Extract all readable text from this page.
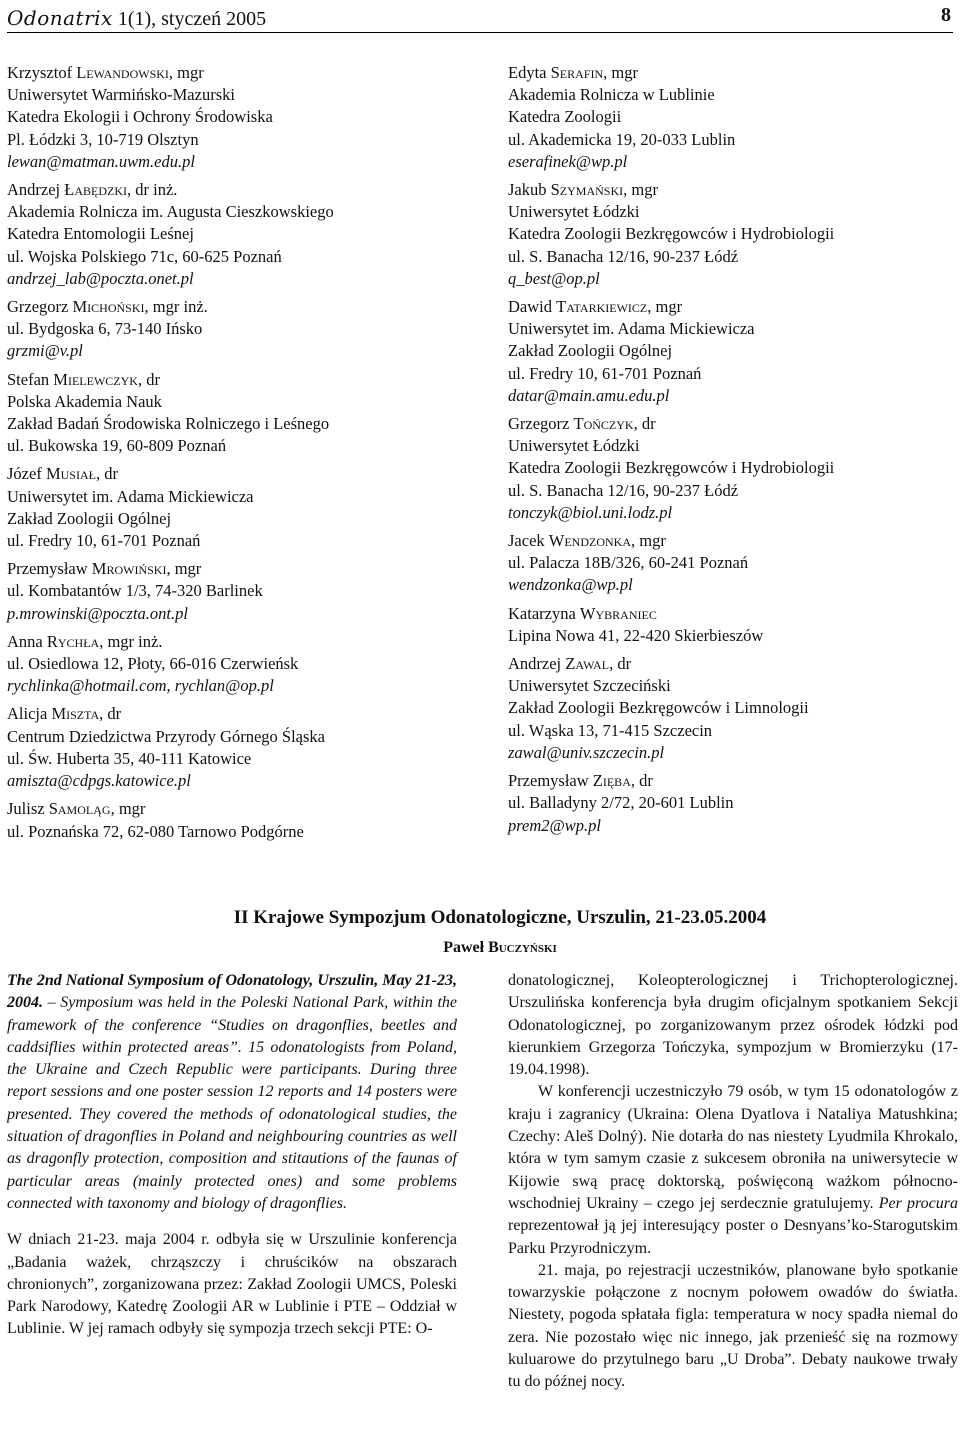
Odonatrix 1(1), styczeń 2005	8
Krzysztof Lewandowski, mgr
Uniwersytet Warmińsko-Mazurski
Katedra Ekologii i Ochrony Środowiska
Pl. Łódzki 3, 10-719 Olsztyn
lewan@matman.uwm.edu.pl
Andrzej Łabędzki, dr inż.
Akademia Rolnicza im. Augusta Cieszkowskiego
Katedra Entomologii Leśnej
ul. Wojska Polskiego 71c, 60-625 Poznań
andrzej_lab@poczta.onet.pl
Grzegorz Michoński, mgr inż.
ul. Bydgoska 6, 73-140 Ińsko
grzmi@v.pl
Stefan Mielewczyk, dr
Polska Akademia Nauk
Zakład Badań Środowiska Rolniczego i Leśnego
ul. Bukowska 19, 60-809 Poznań
Józef Musiał, dr
Uniwersytet im. Adama Mickiewicza
Zakład Zoologii Ogólnej
ul. Fredry 10, 61-701 Poznań
Przemysław Mrowiński, mgr
ul. Kombatantów 1/3, 74-320 Barlinek
p.mrowinski@poczta.ont.pl
Anna Rychła, mgr inż.
ul. Osiedlowa 12, Płoty, 66-016 Czerwieńsk
rychlinka@hotmail.com, rychlan@op.pl
Alicja Miszta, dr
Centrum Dziedzictwa Przyrody Górnego Śląska
ul. Św. Huberta 35, 40-111 Katowice
amiszta@cdpgs.katowice.pl
Julisz Samoląg, mgr
ul. Poznańska 72, 62-080 Tarnowo Podgórne
Edyta Serafin, mgr
Akademia Rolnicza w Lublinie
Katedra Zoologii
ul. Akademicka 19, 20-033 Lublin
eserafinek@wp.pl
Jakub Szymański, mgr
Uniwersytet Łódzki
Katedra Zoologii Bezkręgowców i Hydrobiologii
ul. S. Banacha 12/16, 90-237 Łódź
q_best@op.pl
Dawid Tatarkiewicz, mgr
Uniwersytet im. Adama Mickiewicza
Zakład Zoologii Ogólnej
ul. Fredry 10, 61-701 Poznań
datar@main.amu.edu.pl
Grzegorz Tończyk, dr
Uniwersytet Łódzki
Katedra Zoologii Bezkręgowców i Hydrobiologii
ul. S. Banacha 12/16, 90-237 Łódź
tonczyk@biol.uni.lodz.pl
Jacek Wendzonka, mgr
ul. Palacza 18B/326, 60-241 Poznań
wendzonka@wp.pl
Katarzyna Wybraniec
Lipina Nowa 41, 22-420 Skierbieszów
Andrzej Zawal, dr
Uniwersytet Szczeciński
Zakład Zoologii Bezkręgowców i Limnologii
ul. Wąska 13, 71-415 Szczecin
zawal@univ.szczecin.pl
Przemysław Zięba, dr
ul. Balladyny 2/72, 20-601 Lublin
prem2@wp.pl
II Krajowe Sympozjum Odonatologiczne, Urszulin, 21-23.05.2004
Paweł Buczyński

The 2nd National Symposium of Odonatology, Urszulin, May 21-23, 2004. – Symposium was held in the Poleski National Park, within the framework of the conference “Studies on dragonflies, beetles and caddsiflies within protected areas”. 15 odonatologists from Poland, the Ukraine and Czech Republic were participants. During three report sessions and one poster session 12 reports and 14 posters were presented. They covered the methods of odonatological studies, the situation of dragonflies in Poland and neighbouring countries as well as dragonfly protection, composition and stitautions of the faunas of particular areas (mainly protected ones) and some problems connected with taxonomy and biology of dragonflies.

W dniach 21-23. maja 2004 r. odbyła się w Urszulinie konferencja „Badania ważek, chrząszczy i chruścików na obszarach chronionych”, zorganizowana przez: Zakład Zoologii UMCS, Poleski Park Narodowy, Katedrę Zoologii AR w Lublinie i PTE – Oddział w Lublinie. W jej ramach odbyły się sympozja trzech sekcji PTE: O-

donatologicznej, Koleopterologicznej i Trichopterologicznej. Urszulińska konferencja była drugim oficjalnym spotkaniem Sekcji Odonatologicznej, po zorganizowanym przez ośrodek łódzki pod kierunkiem Grzegorza Tończyka, sympozjum w Bromierzyku (17-19.04.1998).

W konferencji uczestniczyło 79 osób, w tym 15 odonatologów z kraju i zagranicy (Ukraina: Olena Dyatlova i Nataliya Matushkina; Czechy: Aleš Dolný). Nie dotarła do nas niestety Lyudmila Khrokalo, która w tym samym czasie z sukcesem obroniła na uniwersytecie w Kijowie swą pracę doktorską, poświęconą ważkom północno-wschodniej Ukrainy – czego jej serdecznie gratulujemy. Per procura reprezentował ją jej interesujący poster o Desnyans’ko-Starogutskim Parku Przyrodniczym.

21. maja, po rejestracji uczestników, planowane było spotkanie towarzyskie połączone z nocnym połowem owadów do światła. Niestety, pogoda spłatała figla: temperatura w nocy spadła niemal do zera. Nie pozostało więc nic innego, jak przenieść się na rozmowy kuluarowe do przytulnego baru „U Droba”. Debaty naukowe trwały tu do późnej nocy.
